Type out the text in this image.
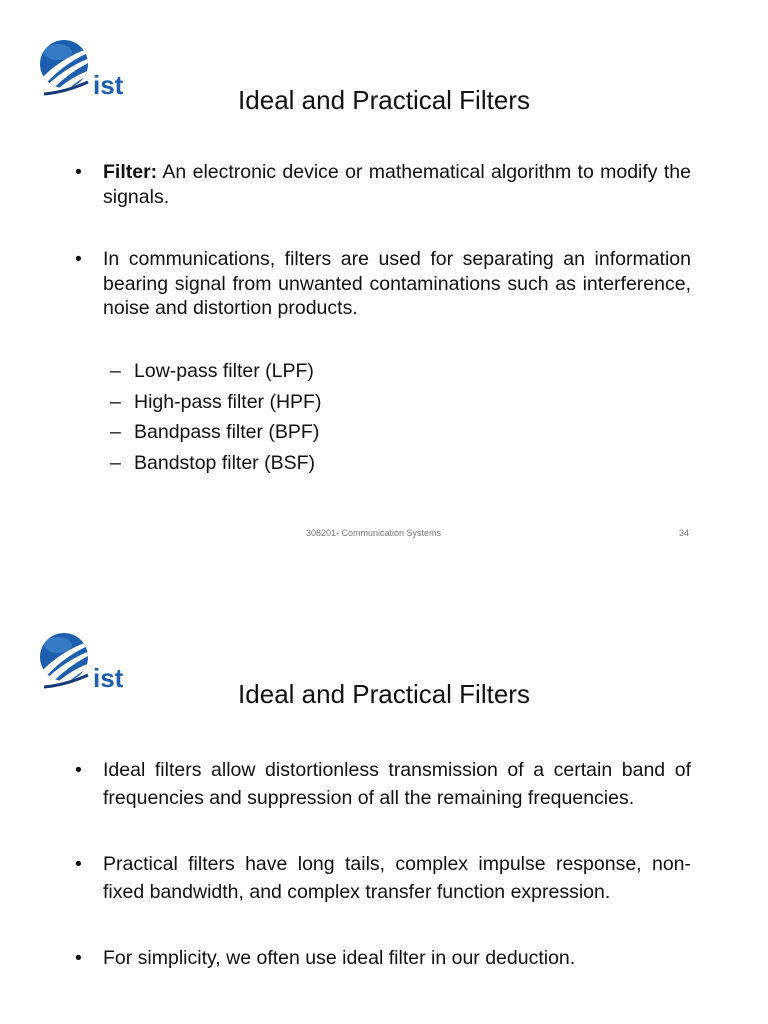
ist	Ideal and Practical Filters
• Filter: An electronic device or mathematical algorithm to modify the signals.
• In communications, filters are used for separating an information bearing signal from unwanted contaminations such as interference, noise and distortion products.
– Low-pass filter (LPF)
– High-pass filter (HPF)
– Bandpass filter (BPF)
– Bandstop filter (BSF)
308201- Communication Systems	34
ist
Ideal and Practical Filters
• Ideal filters allow distortionless transmission of a certain band of frequencies and suppression of all the remaining frequencies.
• Practical filters have long tails, complex impulse response, non-fixed bandwidth, and complex transfer function expression.
• For simplicity, we often use ideal filter in our deduction.
